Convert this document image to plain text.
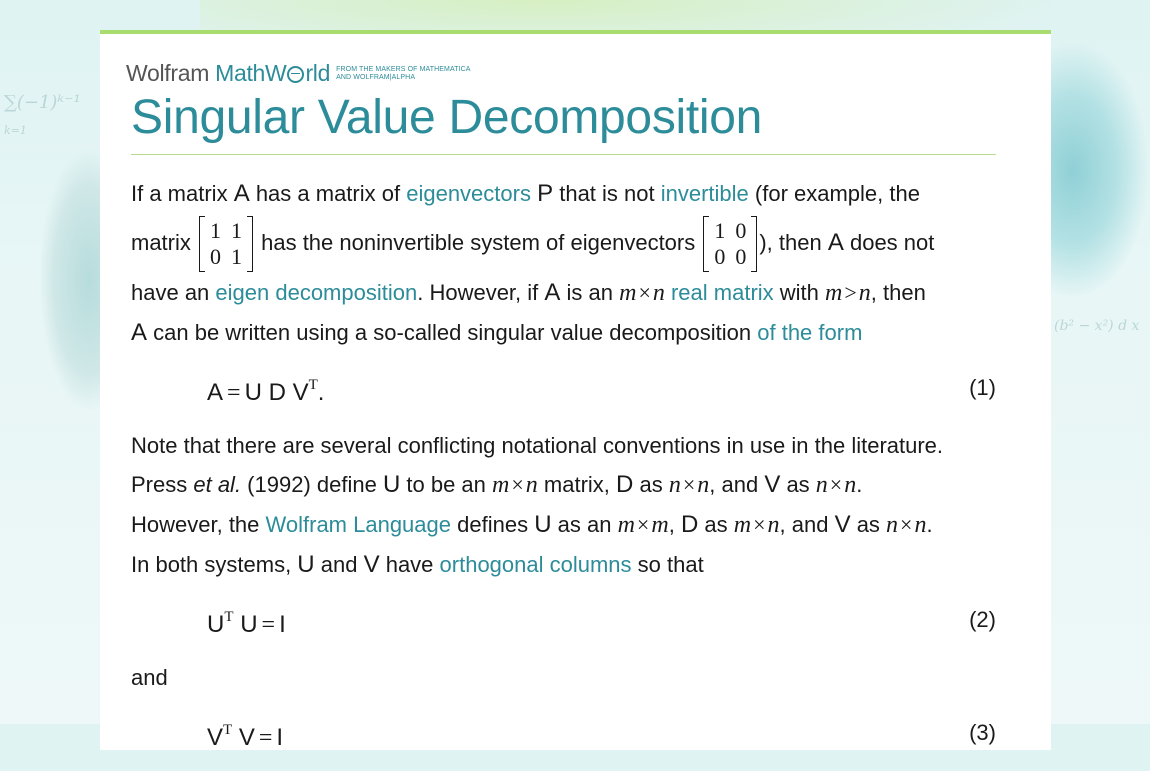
∑(−1)ᵏ⁻¹
k=1
(b² − x²) d x
Wolfram MathW rld FROM THE MAKERS OF MATHEMATICA
AND WOLFRAM|ALPHA
Singular Value Decomposition
If a matrix A has a matrix of eigenvectors P that is not invertible (for example, the
matrix 1 1
0 1
has the noninvertible system of eigenvectors 1 0
0 0
), then A does not
have an eigen decomposition. However, if A is an m×n real matrix with m>n, then
A can be written using a so-called singular value decomposition of the form
A = U D $V^T$.	(1)
Note that there are several conflicting notational conventions in use in the literature.
Press et al. (1992) define U to be an m×n matrix, D as n×n, and V as n×n.
However, the Wolfram Language defines U as an m×m, D as m×n, and V as n×n.
In both systems, U and V have orthogonal columns so that
$U^T$ U = I	(2)
and
$V^T$ V = I	(3)
